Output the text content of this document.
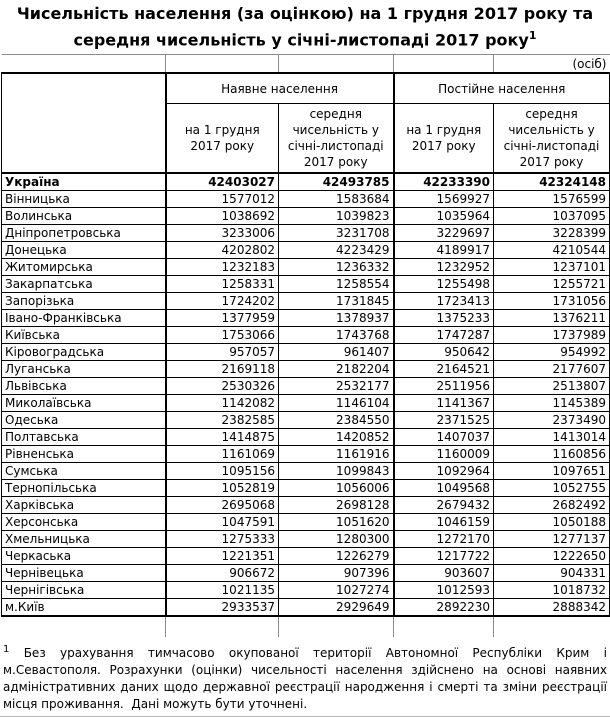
Чисельність населення (за оцінкою) на 1 грудня 2017 року та
середня чисельність у січні-листопаді 2017 року$^1$
				(осіб)
	Наявне населення		Постійне населення	
	на 1 грудня 2017 року	середня чисельність у січні-листопаді 2017 року	на 1 грудня 2017 року	середня чисельність у січні-листопаді 2017 року
Україна	42403027	42493785	42233390	42324148
Вінницька	1577012	1583684	1569927	1576599
Волинська	1038692	1039823	1035964	1037095
Дніпропетровська	3233006	3231708	3229697	3228399
Донецька	4202802	4223429	4189917	4210544
Житомирська	1232183	1236332	1232952	1237101
Закарпатська	1258331	1258554	1255498	1255721
Запорізька	1724202	1731845	1723413	1731056
Івано-Франківська	1377959	1378937	1375233	1376211
Київська	1753066	1743768	1747287	1737989
Кіровоградська	957057	961407	950642	954992
Луганська	2169118	2182204	2164521	2177607
Львівська	2530326	2532177	2511956	2513807
Миколаївська	1142082	1146104	1141367	1145389
Одеська	2382585	2384550	2371525	2373490
Полтавська	1414875	1420852	1407037	1413014
Рівненська	1161069	1161916	1160009	1160856
Сумська	1095156	1099843	1092964	1097651
Тернопільська	1052819	1056006	1049568	1052755
Харківська	2695068	2698128	2679432	2682492
Херсонська	1047591	1051620	1046159	1050188
Хмельницька	1275333	1280300	1272170	1277137
Черкаська	1221351	1226279	1217722	1222650
Чернівецька	906672	907396	903607	904331
Чернігівська	1021135	1027274	1012593	1018732
м.Київ	2933537	2929649	2892230	2888342

$^1$ Без урахування тимчасово окупованої території Автономної Республіки Крим і м.Севастополя. Розрахунки (оцінки) чисельності населення здійснено на основі наявних адміністративних даних щодо державної реєстрації народження і смерті та зміни реєстрації місця проживання.  Дані можуть бути уточнені.
